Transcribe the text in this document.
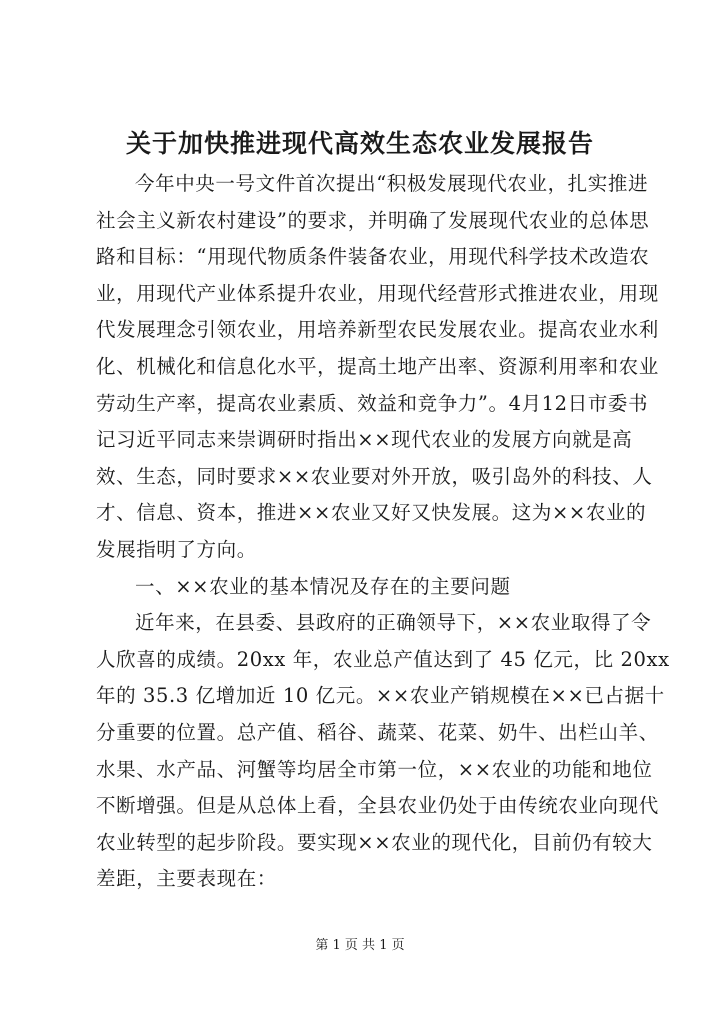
关于加快推进现代高效生态农业发展报告
今年中央一号文件首次提出“积极发展现代农业，扎实推进
社会主义新农村建设”的要求，并明确了发展现代农业的总体思
路和目标：“用现代物质条件装备农业，用现代科学技术改造农
业，用现代产业体系提升农业，用现代经营形式推进农业，用现
代发展理念引领农业，用培养新型农民发展农业。提高农业水利
化、机械化和信息化水平，提高土地产出率、资源利用率和农业
劳动生产率，提高农业素质、效益和竞争力”。4月12日市委书
记习近平同志来崇调研时指出××现代农业的发展方向就是高
效、生态，同时要求××农业要对外开放，吸引岛外的科技、人
才、信息、资本，推进××农业又好又快发展。这为××农业的
发展指明了方向。
一、××农业的基本情况及存在的主要问题
近年来，在县委、县政府的正确领导下，××农业取得了令
人欣喜的成绩。20xx 年，农业总产值达到了 45 亿元，比 20xx
年的 35.3 亿增加近 10 亿元。××农业产销规模在××已占据十
分重要的位置。总产值、稻谷、蔬菜、花菜、奶牛、出栏山羊、
水果、水产品、河蟹等均居全市第一位，××农业的功能和地位
不断增强。但是从总体上看，全县农业仍处于由传统农业向现代
农业转型的起步阶段。要实现××农业的现代化，目前仍有较大
差距，主要表现在：
第 1 页 共 1 页
